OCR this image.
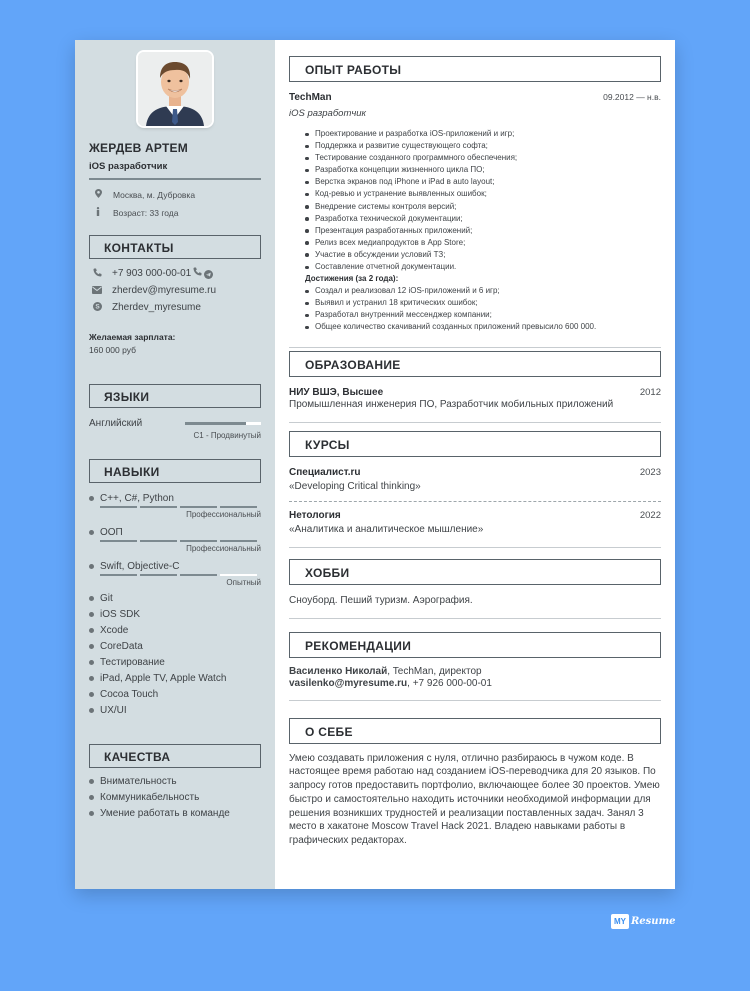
ЖЕРДЕВ АРТЕМ
iOS разработчик
Москва, м. Дубровка
Возраст: 33 года
КОНТАКТЫ
+7 903 000-00-01
zherdev@myresume.ru
S Zherdev_myresume
Желаемая зарплата:
160 000 руб
ЯЗЫКИ
Английский
C1 - Продвинутый
НАВЫКИ
C++, C#, Python
Профессиональный
ООП
Профессиональный
Swift, Objective-C
Опытный
Git
iOS SDK
Xcode
CoreData
Тестирование
iPad, Apple TV, Apple Watch
Cocoa Touch
UX/UI
КАЧЕСТВА
Внимательность
Коммуникабельность
Умение работать в команде
ОПЫТ РАБОТЫ
TechMan	09.2012 — н.в.
iOS разработчик
Проектирование и разработка iOS-приложений и игр;
Поддержка и развитие существующего софта;
Тестирование созданного программного обеспечения;
Разработка концепции жизненного цикла ПО;
Верстка экранов под iPhone и iPad в auto layout;
Код-ревью и устранение выявленных ошибок;
Внедрение системы контроля версий;
Разработка технической документации;
Презентация разработанных приложений;
Релиз всех медиапродуктов в App Store;
Участие в обсуждении условий ТЗ;
Составление отчетной документации.
Достижения (за 2 года):
Создал и реализовал 12 iOS-приложений и 6 игр;
Выявил и устранил 18 критических ошибок;
Разработал внутренний мессенджер компании;
Общее количество скачиваний созданных приложений превысило 600 000.
ОБРАЗОВАНИЕ
НИУ ВШЭ, Высшее	2012
Промышленная инженерия ПО, Разработчик мобильных приложений
КУРСЫ
Специалист.ru	2023
«Developing Critical thinking»
Нетология	2022
«Аналитика и аналитическое мышление»
ХОББИ
Сноуборд. Пеший туризм. Аэрография.
РЕКОМЕНДАЦИИ
Василенко Николай, TechMan, директор
vasilenko@myresume.ru, +7 926 000-00-01
О СЕБЕ
Умею создавать приложения с нуля, отлично разбираюсь в чужом коде. В настоящее время работаю над созданием iOS-переводчика для 20 языков. По запросу готов предоставить портфолио, включающее более 30 проектов. Умею быстро и самостоятельно находить источники необходимой информации для решения возникших трудностей и реализации поставленных задач. Занял 3 место в хакатоне Moscow Travel Hack 2021. Владею навыками работы в графических редакторах.
MY Resume
